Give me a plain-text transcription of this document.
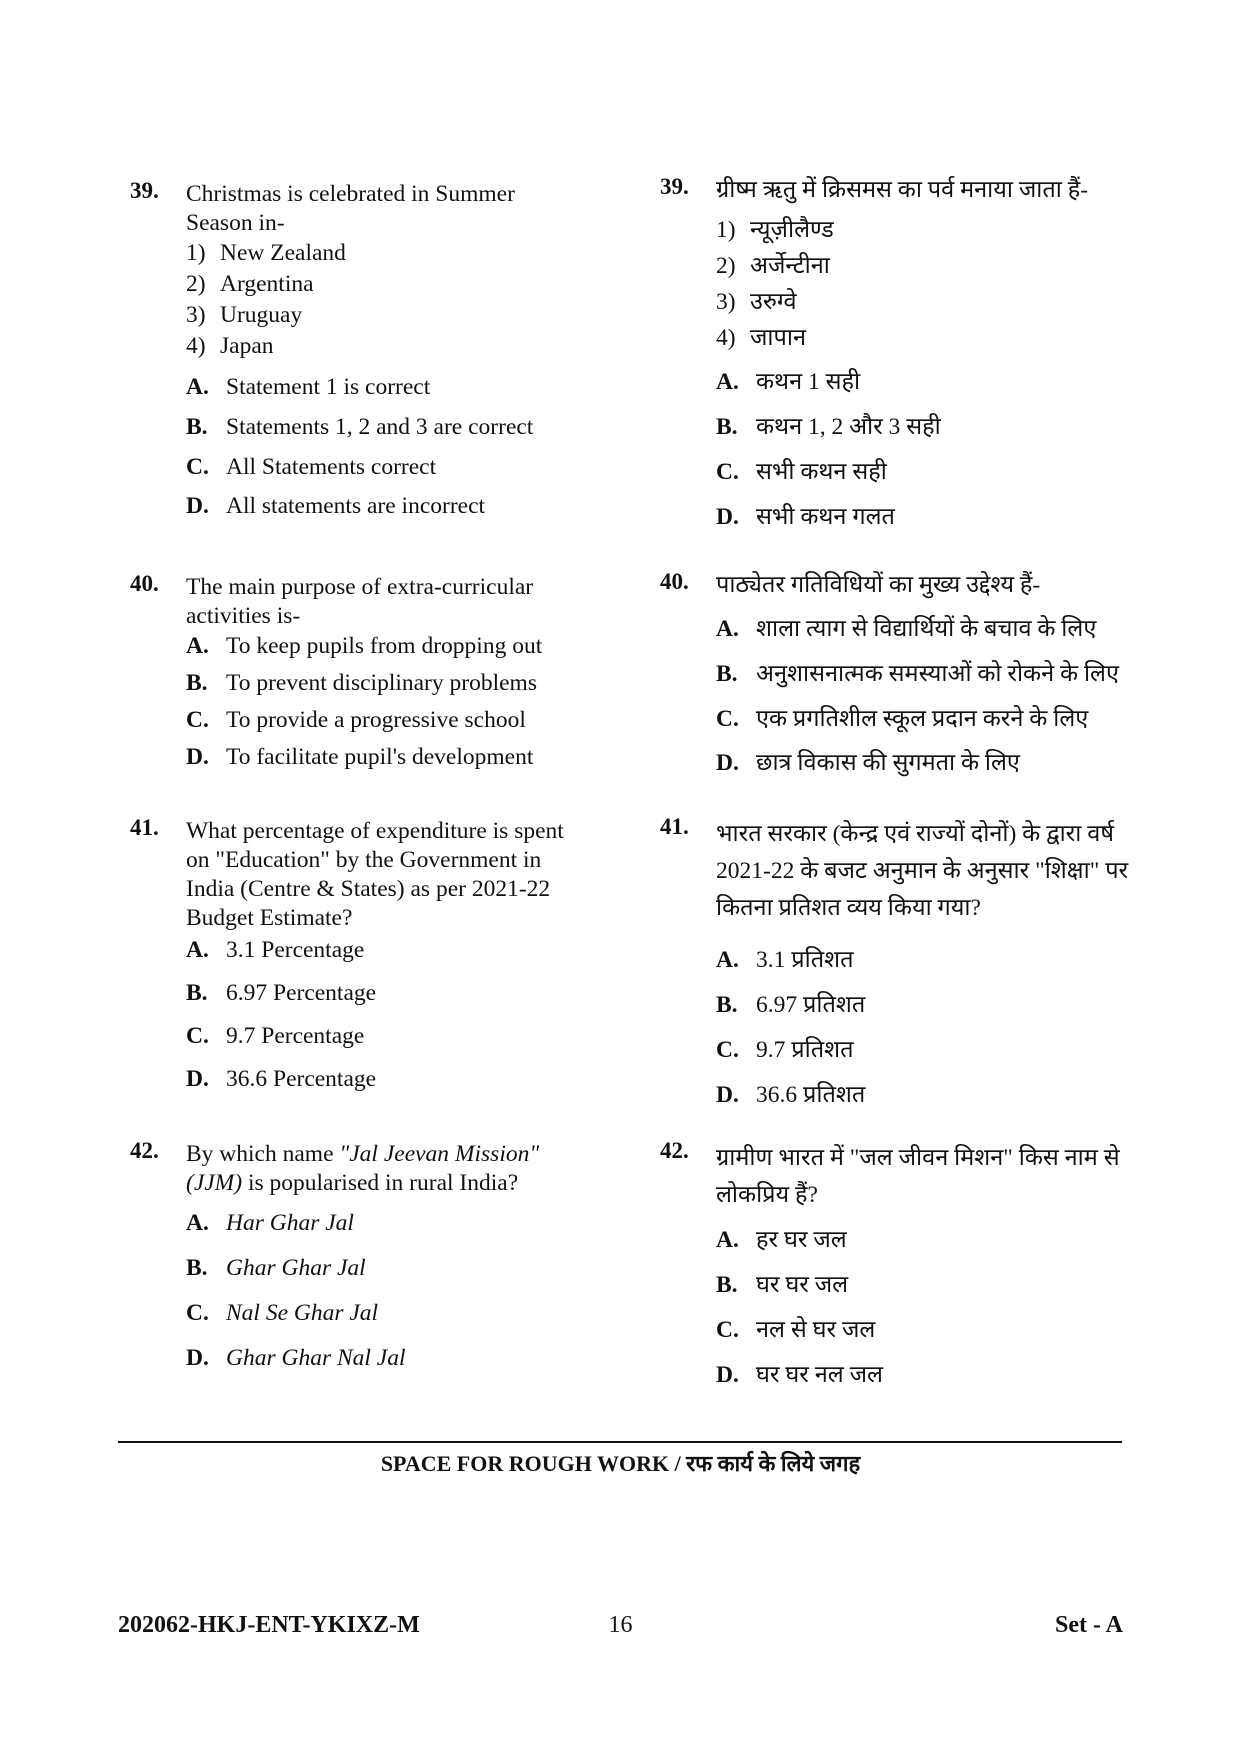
39. Christmas is celebrated in Summer
Season in-
1) New Zealand
2) Argentina
3) Uruguay
4) Japan
A. Statement 1 is correct
B. Statements 1, 2 and 3 are correct
C. All Statements correct
D. All statements are incorrect
40. The main purpose of extra-curricular
activities is-
A. To keep pupils from dropping out
B. To prevent disciplinary problems
C. To provide a progressive school
D. To facilitate pupil's development
41. What percentage of expenditure is spent
on "Education" by the Government in
India (Centre & States) as per 2021-22
Budget Estimate?
A. 3.1 Percentage
B. 6.97 Percentage
C. 9.7 Percentage
D. 36.6 Percentage
42. By which name "Jal Jeevan Mission"
(JJM) is popularised in rural India?
A. Har Ghar Jal
B. Ghar Ghar Jal
C. Nal Se Ghar Jal
D. Ghar Ghar Nal Jal
39. ग्रीष्म ऋतु में क्रिसमस का पर्व मनाया जाता हैं-
1) न्यूज़ीलैण्ड
2) अर्जेन्टीना
3) उरुग्वे
4) जापान
A. कथन 1 सही
B. कथन 1, 2 और 3 सही
C. सभी कथन सही
D. सभी कथन गलत
40. पाठ्येतर गतिविधियों का मुख्य उद्देश्य हैं-
A. शाला त्याग से विद्यार्थियों के बचाव के लिए
B. अनुशासनात्मक समस्याओं को रोकने के लिए
C. एक प्रगतिशील स्कूल प्रदान करने के लिए
D. छात्र विकास की सुगमता के लिए
41. भारत सरकार (केन्द्र एवं राज्यों दोनों) के द्वारा वर्ष
2021-22 के बजट अनुमान के अनुसार "शिक्षा" पर
कितना प्रतिशत व्यय किया गया?
A. 3.1 प्रतिशत
B. 6.97 प्रतिशत
C. 9.7 प्रतिशत
D. 36.6 प्रतिशत
42. ग्रामीण भारत में "जल जीवन मिशन" किस नाम से
लोकप्रिय हैं?
A. हर घर जल
B. घर घर जल
C. नल से घर जल
D. घर घर नल जल
SPACE FOR ROUGH WORK / रफ कार्य के लिये जगह
16
202062-HKJ-ENT-YKIXZ-M	Set - A
